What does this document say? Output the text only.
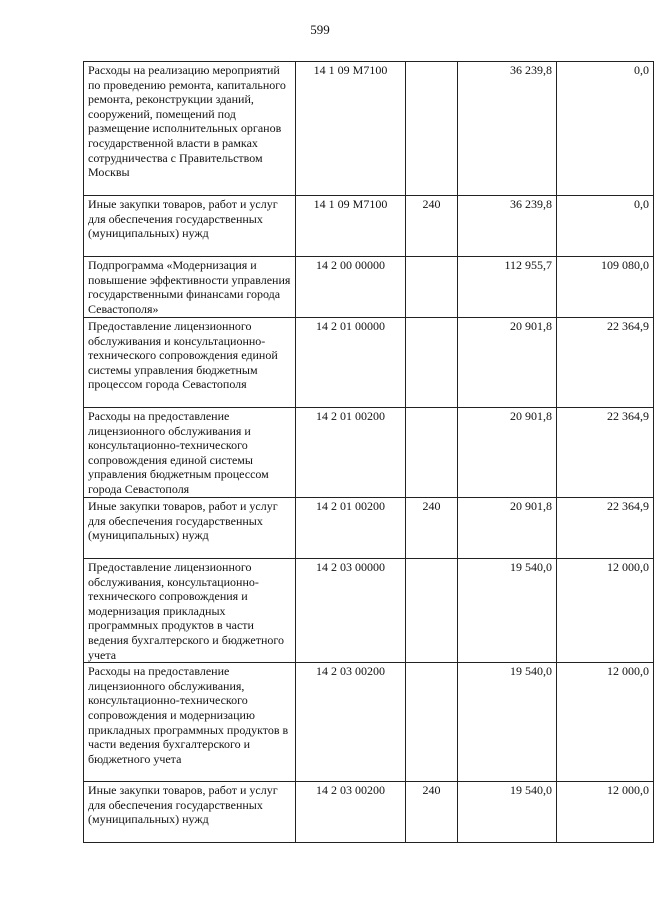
599
Расходы на реализацию мероприятий по проведению ремонта, капитального ремонта, реконструкции зданий, сооружений, помещений под размещение исполнительных органов государственной власти в рамках сотрудничества с Правительством Москвы	14 1 09 М7100		36 239,8	0,0
Иные закупки товаров, работ и услуг для обеспечения государственных (муниципальных) нужд	14 1 09 М7100	240	36 239,8	0,0
Подпрограмма «Модернизация и повышение эффективности управления государственными финансами города Севастополя»	14 2 00 00000		112 955,7	109 080,0
Предоставление лицензионного обслуживания и консультационно-технического сопровождения единой системы управления бюджетным процессом города Севастополя	14 2 01 00000		20 901,8	22 364,9
Расходы на предоставление лицензионного обслуживания и консультационно-технического сопровождения единой системы управления бюджетным процессом города Севастополя	14 2 01 00200		20 901,8	22 364,9
Иные закупки товаров, работ и услуг для обеспечения государственных (муниципальных) нужд	14 2 01 00200	240	20 901,8	22 364,9
Предоставление лицензионного обслуживания, консультационно-технического сопровождения и модернизация прикладных программных продуктов в части ведения бухгалтерского и бюджетного учета	14 2 03 00000		19 540,0	12 000,0
Расходы на предоставление лицензионного обслуживания, консультационно-технического сопровождения и модернизацию прикладных программных продуктов в части ведения бухгалтерского и бюджетного учета	14 2 03 00200		19 540,0	12 000,0
Иные закупки товаров, работ и услуг для обеспечения государственных (муниципальных) нужд	14 2 03 00200	240	19 540,0	12 000,0
